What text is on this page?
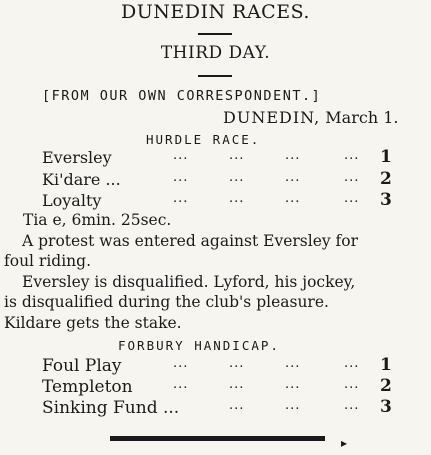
DUNEDIN RACES.
THIRD DAY.
[FROM OUR OWN CORRESPONDENT.]
DUNEDIN, March 1.
HURDLE RACE.
Eversley	...	...	...	... 1
Ki'dare ...	...	...	...	... 2
Loyalty	...	...	...	... 3
Tia e, 6min. 25sec.
A protest was entered against Eversley for
foul riding.
Eversley is disqualified. Lyford, his jockey,
is disqualified during the club's pleasure.
Kildare gets the stake.
FORBURY HANDICAP.
Foul Play	...	...	...	... 1
Templeton	...	...	...	... 2
Sinking Fund ...	...	...	... 3
▸
